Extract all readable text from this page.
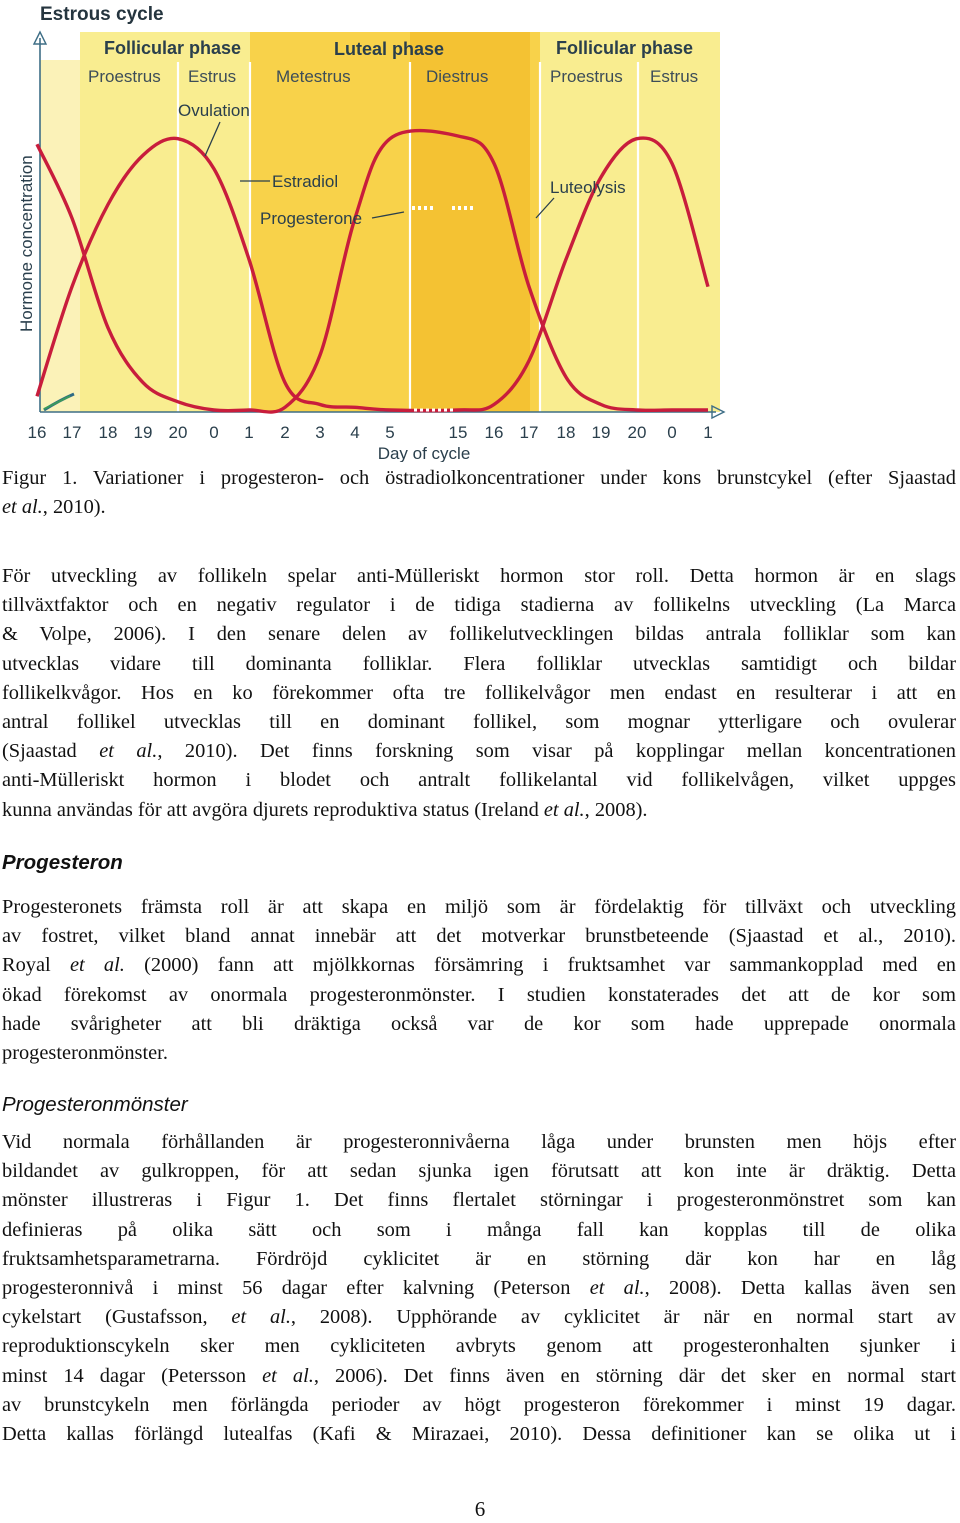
Estrous cycle
Follicular phase	Luteal phase	Follicular phase
Proestrus Estrus Metestrus	Diestrus	Proestrus Estrus
Hormone concentration
Ovulation
Estradiol
Progesterone
Luteolysis
16 17 18 19 20 0 1 2 3 4 5	15 16 17 18 19 20 0 1
Day of cycle

Figur 1. Variationer i progesteron- och östradiolkoncentrationer under kons brunstcykel (efter Sjaastad

et al., 2010).

För utveckling av follikeln spelar anti-Mülleriskt hormon stor roll. Detta hormon är en slags

tillväxtfaktor och en negativ regulator i de tidiga stadierna av follikelns utveckling (La Marca

& Volpe, 2006). I den senare delen av follikelutvecklingen bildas antrala folliklar som kan

utvecklas vidare till dominanta folliklar. Flera folliklar utvecklas samtidigt och bildar

follikelkvågor. Hos en ko förekommer ofta tre follikelvågor men endast en resulterar i att en

antral follikel utvecklas till en dominant follikel, som mognar ytterligare och ovulerar

(Sjaastad et al., 2010). Det finns forskning som visar på kopplingar mellan koncentrationen

anti-Mülleriskt hormon i blodet och antralt follikelantal vid follikelvågen, vilket uppges

kunna användas för att avgöra djurets reproduktiva status (Ireland et al., 2008).

Progesteron

Progesteronets främsta roll är att skapa en miljö som är fördelaktig för tillväxt och utveckling

av fostret, vilket bland annat innebär att det motverkar brunstbeteende (Sjaastad et al., 2010).

Royal et al. (2000) fann att mjölkkornas försämring i fruktsamhet var sammankopplad med en

ökad förekomst av onormala progesteronmönster. I studien konstaterades det att de kor som

hade svårigheter att bli dräktiga också var de kor som hade upprepade onormala

progesteronmönster.

Progesteronmönster

Vid normala förhållanden är progesteronnivåerna låga under brunsten men höjs efter

bildandet av gulkroppen, för att sedan sjunka igen förutsatt att kon inte är dräktig. Detta

mönster illustreras i Figur 1. Det finns flertalet störningar i progesteronmönstret som kan

definieras på olika sätt och som i många fall kan kopplas till de olika

fruktsamhetsparametrarna. Fördröjd cyklicitet är en störning där kon har en låg

progesteronnivå i minst 56 dagar efter kalvning (Peterson et al., 2008). Detta kallas även sen

cykelstart (Gustafsson, et al., 2008). Upphörande av cyklicitet är när en normal start av

reproduktionscykeln sker men cykliciteten avbryts genom att progesteronhalten sjunker i

minst 14 dagar (Petersson et al., 2006). Det finns även en störning där det sker en normal start

av brunstcykeln men förlängda perioder av högt progesteron förekommer i minst 19 dagar.

Detta kallas förlängd lutealfas (Kafi & Mirazaei, 2010). Dessa definitioner kan se olika ut i

6
